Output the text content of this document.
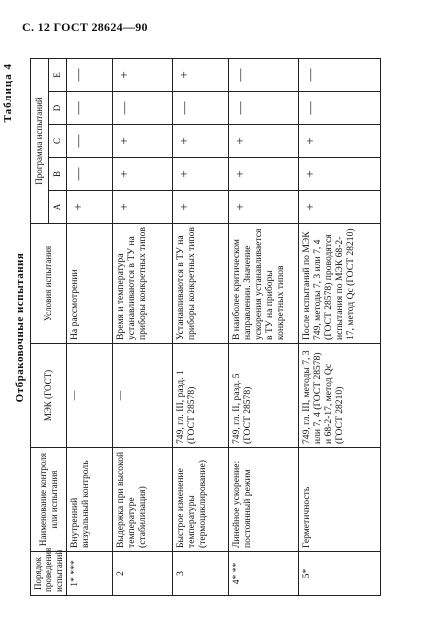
С. 12 ГОСТ 28624—90
Таблица 4
Отбраковочные испытания
Порядок проведения испытаний	Наименование контроля или испытания	МЭК (ГОСТ)	Условия испытания	Программа испытаний				
				A	B	C	D	E
1* ***	Внутренний визуальный контроль	—	На рассмотрении	+	—	—	—	—
2	Выдержка при высокой температуре (стабилизация)	—	Время и температура устанавливаются в ТУ на приборы конкретных типов	+	+	+	—	+
3	Быстрое изменение температуры (термоциклирование)	749, гл. III, разд. 1 (ГОСТ 28578)	Устанавливаются в ТУ на приборы конкретных типов	+	+	+	—	+
4* **	Линейное ускорение: постоянный режим	749, гл. II, разд. 5 (ГОСТ 28578)	В наиболее критическом направлении. Значение ускорения устанавливается в ТУ на приборы конкретных типов	+	+	+	—	—
5*	Герметичность	749, гл. III, методы 7, 3 или 7, 4 (ГОСТ 28578) и 68-2-17, метод Qc (ГОСТ 28210)	После испытаний по МЭК 749, методы 7, 3 или 7, 4 (ГОСТ 28578) проводятся испытания по МЭК 68-2-17, метод Qc (ГОСТ 28210)	+	+	+	—	—
